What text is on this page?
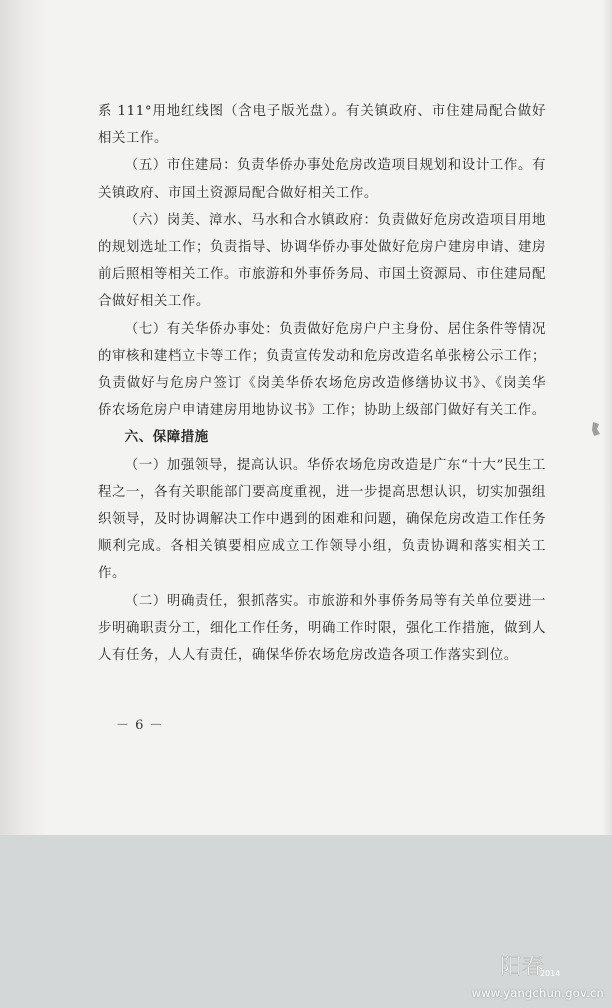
系 111°用地红线图（含电子版光盘）。有关镇政府、市住建局配合做好相关工作。

（五）市住建局：负责华侨办事处危房改造项目规划和设计工作。有关镇政府、市国土资源局配合做好相关工作。

（六）岗美、漳水、马水和合水镇政府：负责做好危房改造项目用地的规划选址工作；负责指导、协调华侨办事处做好危房户建房申请、建房前后照相等相关工作。市旅游和外事侨务局、市国土资源局、市住建局配合做好相关工作。

（七）有关华侨办事处：负责做好危房户户主身份、居住条件等情况的审核和建档立卡等工作；负责宣传发动和危房改造名单张榜公示工作；负责做好与危房户签订《岗美华侨农场危房改造修缮协议书》、《岗美华侨农场危房户申请建房用地协议书》工作；协助上级部门做好有关工作。

六、保障措施

（一）加强领导，提高认识。华侨农场危房改造是广东“十大”民生工程之一，各有关职能部门要高度重视，进一步提高思想认识，切实加强组织领导，及时协调解决工作中遇到的困难和问题，确保危房改造工作任务顺利完成。各相关镇要相应成立工作领导小组，负责协调和落实相关工作。

（二）明确责任，狠抓落实。市旅游和外事侨务局等有关单位要进一步明确职责分工，细化工作任务，明确工作时限，强化工作措施，做到人人有任务，人人有责任，确保华侨农场危房改造各项工作落实到位。

－ 6 －
阳春
2014
www.yangchun.gov.cn
